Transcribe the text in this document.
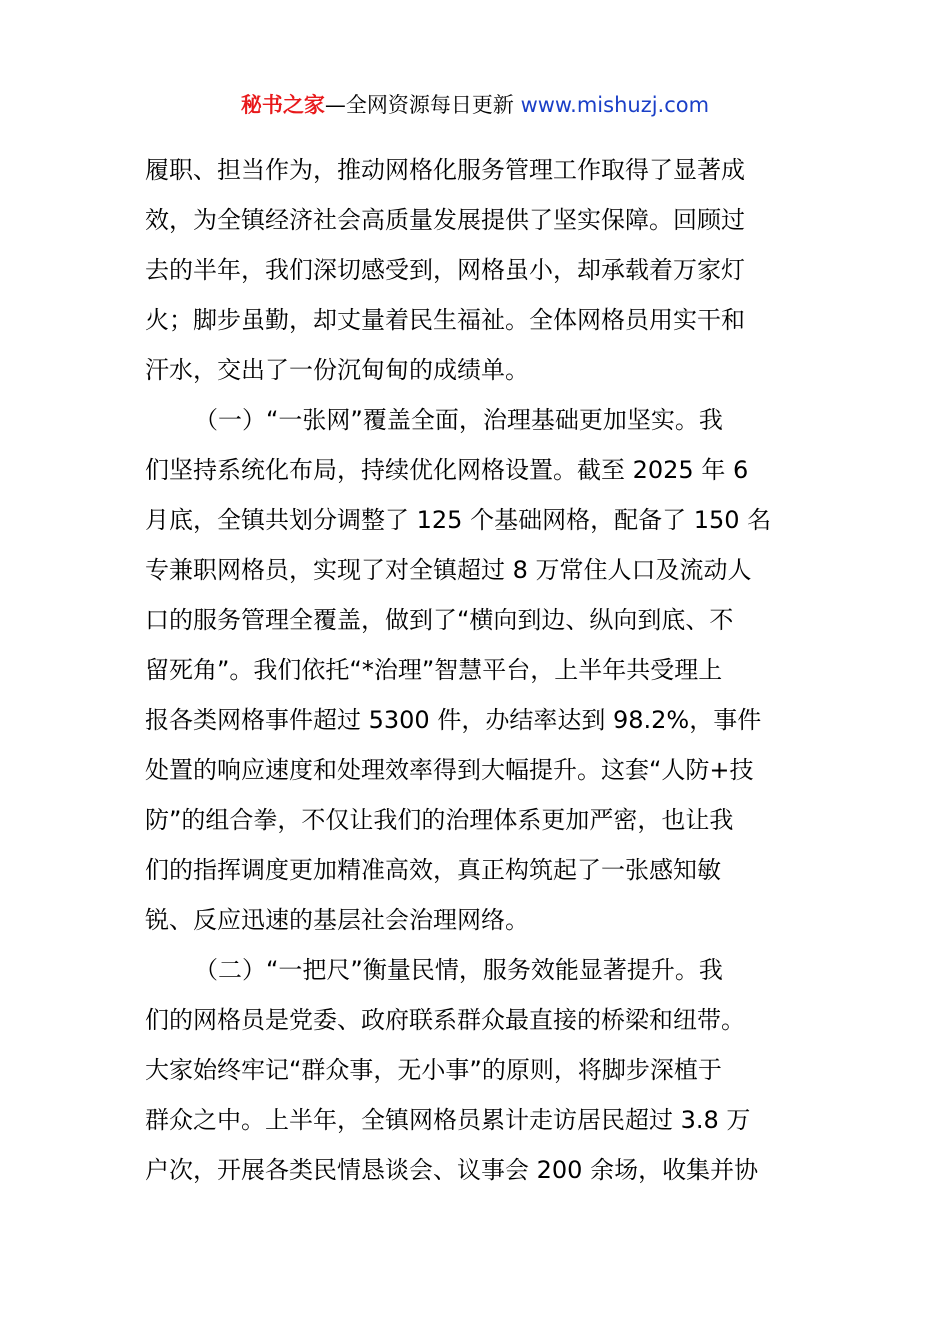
秘书之家—全网资源每日更新 www.mishuzj.com
履职、担当作为，推动网格化服务管理工作取得了显著成
效，为全镇经济社会高质量发展提供了坚实保障。回顾过
去的半年，我们深切感受到，网格虽小，却承载着万家灯
火；脚步虽勤，却丈量着民生福祉。全体网格员用实干和
汗水，交出了一份沉甸甸的成绩单。
（一）“一张网”覆盖全面，治理基础更加坚实。我
们坚持系统化布局，持续优化网格设置。截至 2025 年 6
月底，全镇共划分调整了 125 个基础网格，配备了 150 名
专兼职网格员，实现了对全镇超过 8 万常住人口及流动人
口的服务管理全覆盖，做到了“横向到边、纵向到底、不
留死角”。我们依托“*治理”智慧平台，上半年共受理上
报各类网格事件超过 5300 件，办结率达到 98.2%，事件
处置的响应速度和处理效率得到大幅提升。这套“人防+技
防”的组合拳，不仅让我们的治理体系更加严密，也让我
们的指挥调度更加精准高效，真正构筑起了一张感知敏
锐、反应迅速的基层社会治理网络。
（二）“一把尺”衡量民情，服务效能显著提升。我
们的网格员是党委、政府联系群众最直接的桥梁和纽带。
大家始终牢记“群众事，无小事”的原则，将脚步深植于
群众之中。上半年，全镇网格员累计走访居民超过 3.8 万
户次，开展各类民情恳谈会、议事会 200 余场，收集并协
